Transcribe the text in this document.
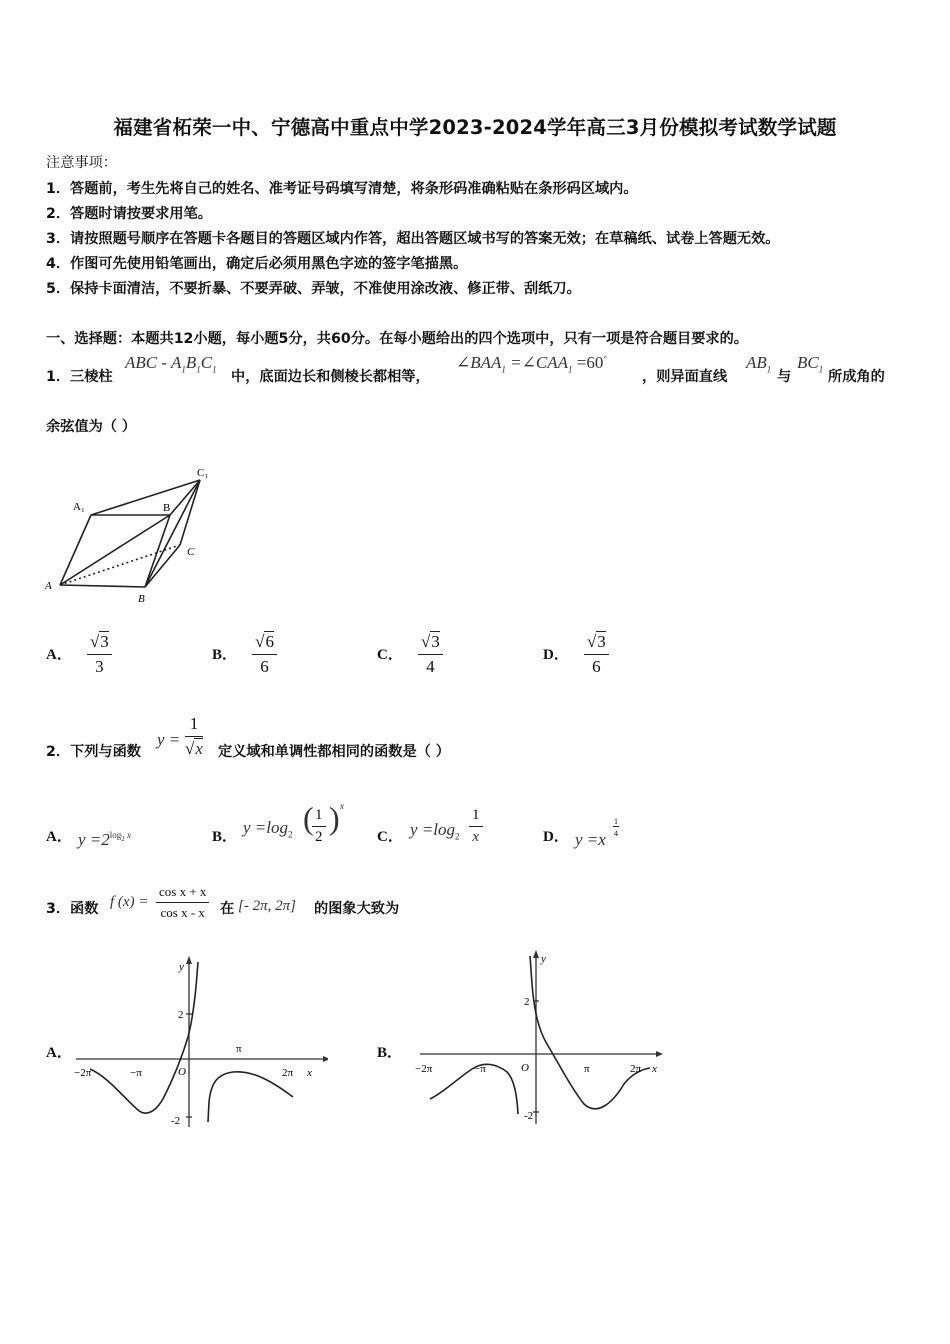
福建省柘荣一中、宁德高中重点中学2023-2024学年高三3月份模拟考试数学试题
注意事项：
1．答题前，考生先将自己的姓名、准考证号码填写清楚，将条形码准确粘贴在条形码区域内。
2．答题时请按要求用笔。
3．请按照题号顺序在答题卡各题目的答题区域内作答，超出答题区域书写的答案无效；在草稿纸、试卷上答题无效。
4．作图可先使用铅笔画出，确定后必须用黑色字迹的签字笔描黑。
5．保持卡面清洁，不要折暴、不要弄破、弄皱，不准使用涂改液、修正带、刮纸刀。
一、选择题：本题共12小题，每小题5分，共60分。在每小题给出的四个选项中，只有一项是符合题目要求的。
1．三棱柱
ABC - $A_1B_1C_1$ 中，底面边长和侧棱长都相等，
$\angle BAA_1$ $=\angle CAA_1 =60^\circ$
，则异面直线
$AB_1$ 与
$BC_1$ 所成角的
余弦值为（ ）
A₁	B
C₁
C
A
B
A． $\frac{√3}{3}$	B． $\frac{√6}{6}$	C． $\frac{√3}{4}$	D． $\frac{√3}{6}$
2．下列与函数
$y = \frac{1}{√x}$ 定义域和单调性都相同的函数是（ ）
A． $y =2^{log_2 x}$	B． $y =\log_2$ (
$\frac{1}{2}$ ) x
C． $y =\log_2 \frac{1}{x}$	D． y =x
$\frac{1}{4}$
3．函数 f $(x) = \frac{\text{cos x + x}}{\text{cos x - x}}$ 在 [- 2π, 2π] 的图象大致为
A．	B．
y
2
-2
O
π
−π
−2π	2π x
y
2
-2
O	π
−π
−2π	2π x
